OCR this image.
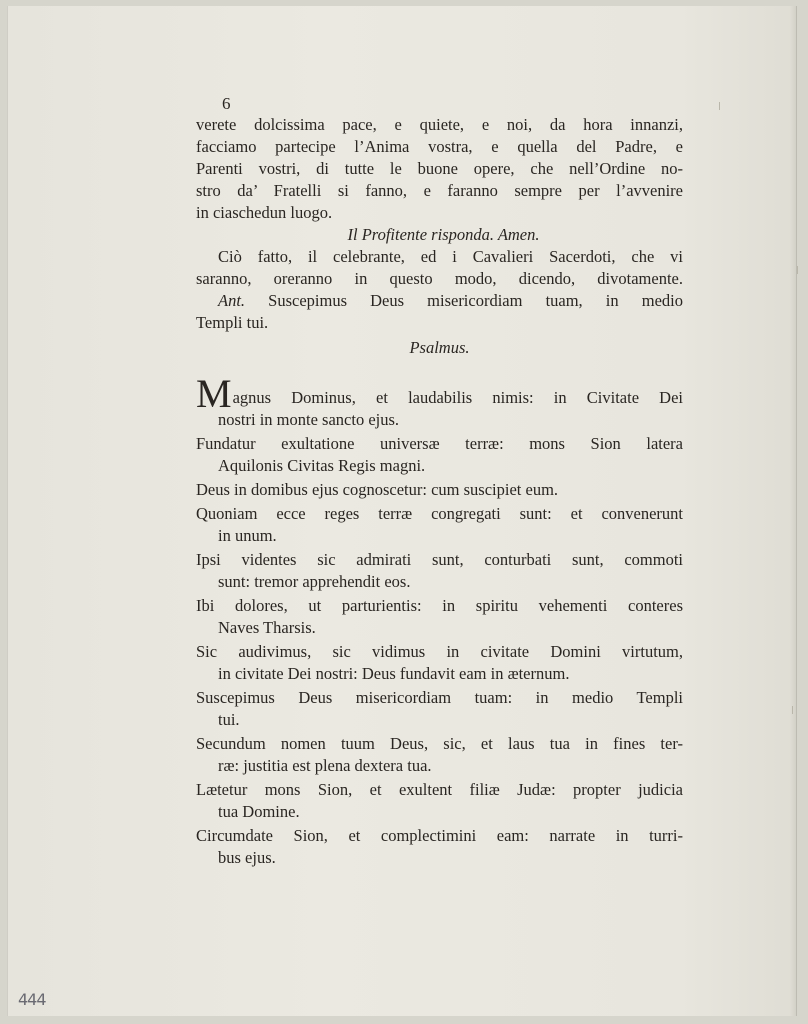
6
verete dolcissima pace, e quiete, e noi, da hora innanzi,
facciamo partecipe l’Anima vostra, e quella del Padre, e
Parenti vostri, di tutte le buone opere, che nell’Ordine no-
stro da’ Fratelli si fanno, e faranno sempre per l’avvenire
in ciaschedun luogo.
Il Profitente risponda. Amen.
Ciò fatto, il celebrante, ed i Cavalieri Sacerdoti, che vi
saranno, oreranno in questo modo, dicendo, divotamente.
Ant. Suscepimus Deus misericordiam tuam, in medio
Templi tui.
Psalmus.
M agnus Dominus, et laudabilis nimis: in Civitate Dei
nostri in monte sancto ejus.
Fundatur exultatione universæ terræ: mons Sion latera
Aquilonis Civitas Regis magni.
Deus in domibus ejus cognoscetur: cum suscipiet eum.
Quoniam ecce reges terræ congregati sunt: et convenerunt
in unum.
Ipsi videntes sic admirati sunt, conturbati sunt, commoti
sunt: tremor apprehendit eos.
Ibi dolores, ut parturientis: in spiritu vehementi conteres
Naves Tharsis.
Sic audivimus, sic vidimus in civitate Domini virtutum,
in civitate Dei nostri: Deus fundavit eam in æternum.
Suscepimus Deus misericordiam tuam: in medio Templi
tui.
Secundum nomen tuum Deus, sic, et laus tua in fines ter-
ræ: justitia est plena dextera tua.
Lætetur mons Sion, et exultent filiæ Judæ: propter judicia
tua Domine.
Circumdate Sion, et complectimini eam: narrate in turri-
bus ejus.
444
